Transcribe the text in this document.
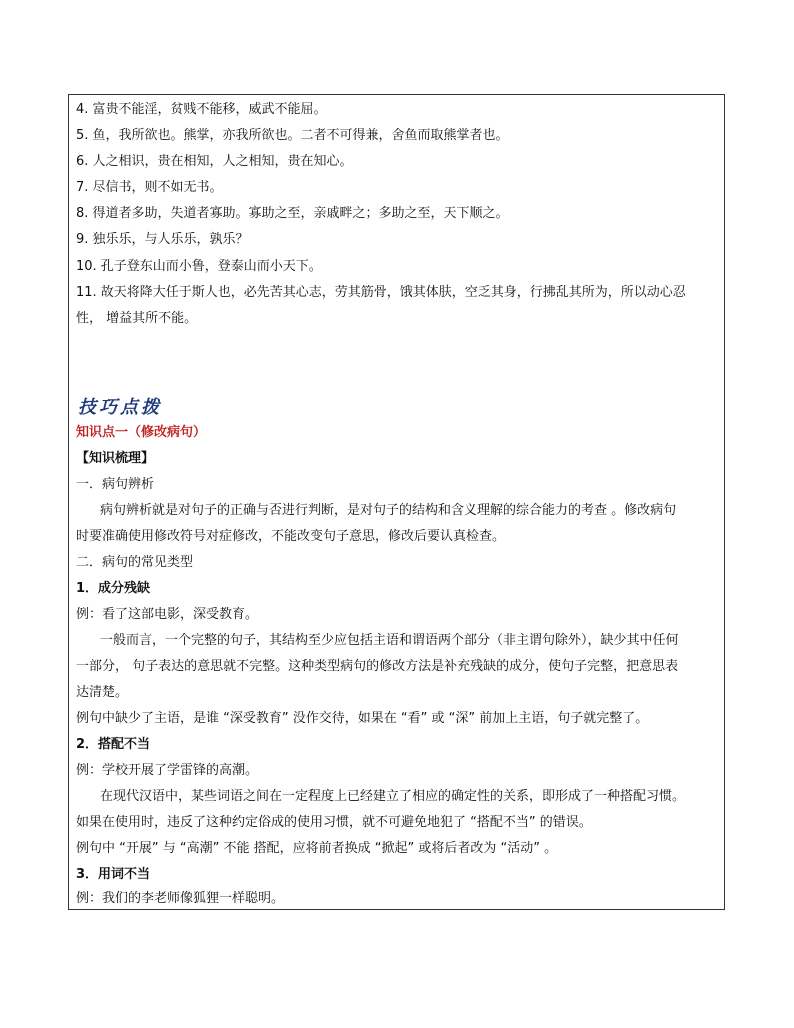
4. 富贵不能淫，贫贱不能移，威武不能屈。
5. 鱼，我所欲也。熊掌，亦我所欲也。二者不可得兼，舍鱼而取熊掌者也。
6. 人之相识，贵在相知，人之相知，贵在知心。
7. 尽信书，则不如无书。
8. 得道者多助，失道者寡助。寡助之至，亲戚畔之；多助之至，天下顺之。
9. 独乐乐，与人乐乐，孰乐？
10. 孔子登东山而小鲁，登泰山而小天下。
11. 故天将降大任于斯人也，必先苦其心志，劳其筋骨，饿其体肤，空乏其身，行拂乱其所为，所以动心忍
性， 增益其所不能。
技巧点拨
知识点一（修改病句）
【知识梳理】
一．病句辨析
病句辨析就是对句子的正确与否进行判断，是对句子的结构和含义理解的综合能力的考查 。修改病句
时要准确使用修改符号对症修改，不能改变句子意思，修改后要认真检查。
二．病句的常见类型
1．成分残缺
例：看了这部电影，深受教育。
一般而言，一个完整的句子，其结构至少应包括主语和谓语两个部分（非主谓句除外），缺少其中任何
一部分， 句子表达的意思就不完整。这种类型病句的修改方法是补充残缺的成分，使句子完整，把意思表
达清楚。
例句中缺少了主语，是谁 “深受教育” 没作交待，如果在 “看” 或 “深” 前加上主语，句子就完整了。
2．搭配不当
例：学校开展了学雷锋的高潮。
在现代汉语中，某些词语之间在一定程度上已经建立了相应的确定性的关系，即形成了一种搭配习惯。
如果在使用时，违反了这种约定俗成的使用习惯，就不可避免地犯了 “搭配不当” 的错误。
例句中 “开展” 与 “高潮” 不能 搭配，应将前者换成 “掀起” 或将后者改为 “活动” 。
3．用词不当
例：我们的李老师像狐狸一样聪明。
